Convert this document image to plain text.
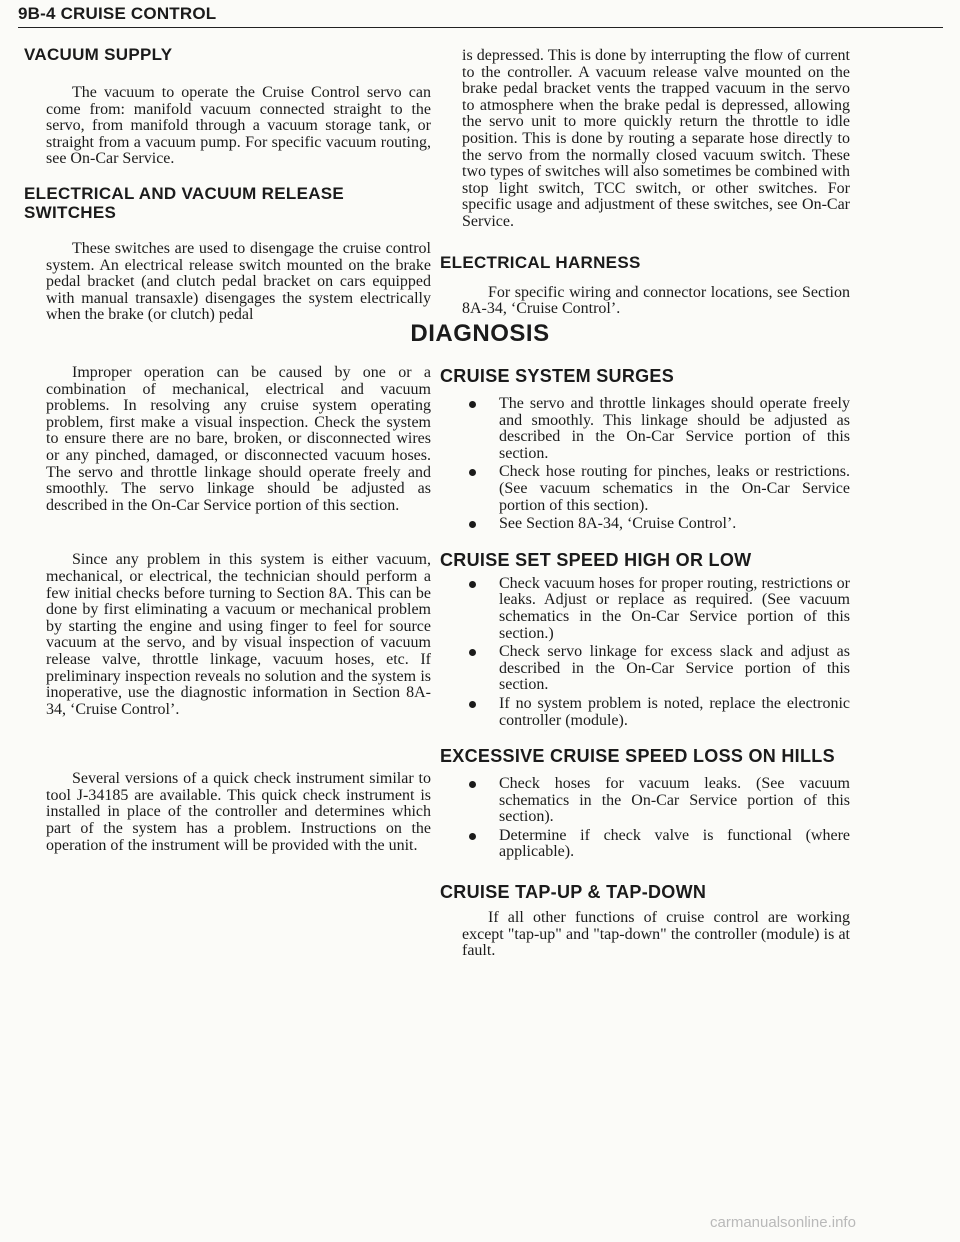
9B-4 CRUISE CONTROL
VACUUM SUPPLY

The vacuum to operate the Cruise Control servo can come from: manifold vacuum connected straight to the servo, from manifold through a vacuum storage tank, or straight from a vacuum pump. For specific vacuum routing, see On-Car Service.

ELECTRICAL AND VACUUM RELEASE SWITCHES

These switches are used to disengage the cruise control system. An electrical release switch mounted on the brake pedal bracket (and clutch pedal bracket on cars equipped with manual transaxle) disengages the system electrically when the brake (or clutch) pedal

is depressed. This is done by interrupting the flow of current to the controller. A vacuum release valve mounted on the brake pedal bracket vents the trapped vacuum in the servo to atmosphere when the brake pedal is depressed, allowing the servo unit to more quickly return the throttle to idle position. This is done by routing a separate hose directly to the servo from the normally closed vacuum switch. These two types of switches will also sometimes be combined with stop light switch, TCC switch, or other switches. For specific usage and adjustment of these switches, see On-Car Service.

ELECTRICAL HARNESS

For specific wiring and connector locations, see Section 8A-34, ‘Cruise Control’.

DIAGNOSIS

Improper operation can be caused by one or a combination of mechanical, electrical and vacuum problems. In resolving any cruise system operating problem, first make a visual inspection. Check the system to ensure there are no bare, broken, or disconnected wires or any pinched, damaged, or disconnected vacuum hoses. The servo and throttle linkage should operate freely and smoothly. The servo linkage should be adjusted as described in the On-Car Service portion of this section.

Since any problem in this system is either vacuum, mechanical, or electrical, the technician should perform a few initial checks before turning to Section 8A. This can be done by first eliminating a vacuum or mechanical problem by starting the engine and using finger to feel for source vacuum at the servo, and by visual inspection of vacuum release valve, throttle linkage, vacuum hoses, etc. If preliminary inspection reveals no solution and the system is inoperative, use the diagnostic information in Section 8A-34, ‘Cruise Control’.

Several versions of a quick check instrument similar to tool J-34185 are available. This quick check instrument is installed in place of the controller and determines which part of the system has a problem. Instructions on the operation of the instrument will be provided with the unit.

CRUISE SYSTEM SURGES
The servo and throttle linkages should operate freely and smoothly. This linkage should be adjusted as described in the On-Car Service portion of this section.
Check hose routing for pinches, leaks or restrictions. (See vacuum schematics in the On-Car Service portion of this section).
See Section 8A-34, ‘Cruise Control’.
CRUISE SET SPEED HIGH OR LOW
Check vacuum hoses for proper routing, restrictions or leaks. Adjust or replace as required. (See vacuum schematics in the On-Car Service portion of this section.)
Check servo linkage for excess slack and adjust as described in the On-Car Service portion of this section.
If no system problem is noted, replace the electronic controller (module).
EXCESSIVE CRUISE SPEED LOSS ON HILLS
Check hoses for vacuum leaks. (See vacuum schematics in the On-Car Service portion of this section).
Determine if check valve is functional (where applicable).
CRUISE TAP-UP & TAP-DOWN

If all other functions of cruise control are working except "tap-up" and "tap-down" the controller (module) is at fault.

carmanualsonline.info
